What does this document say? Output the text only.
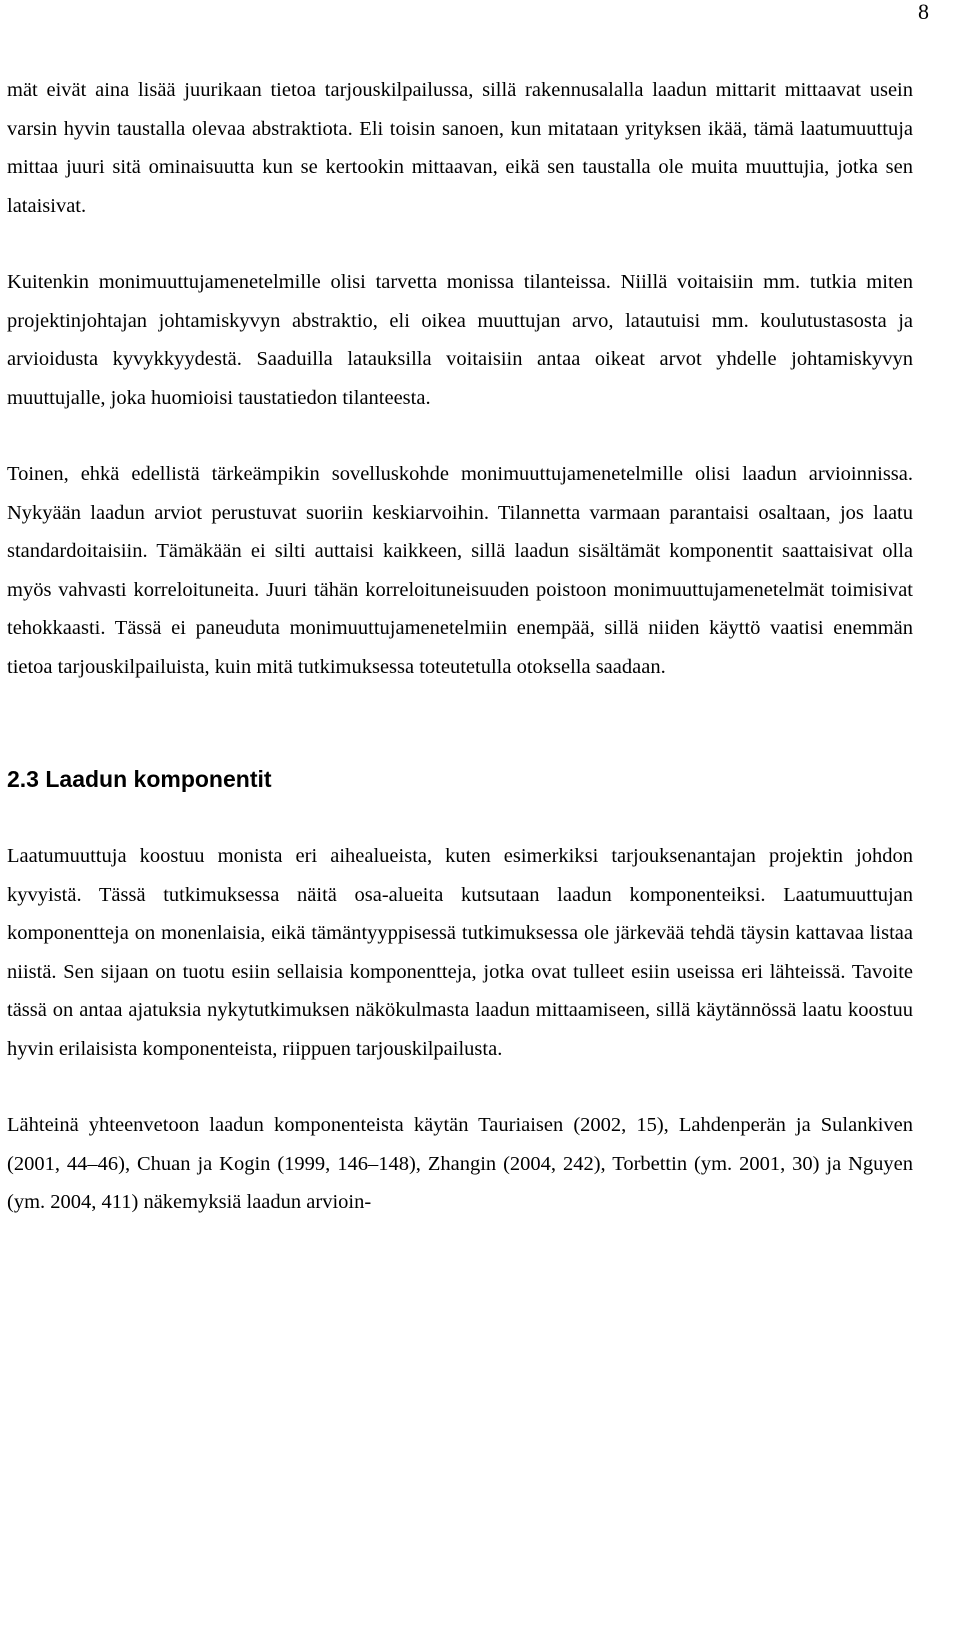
8

mät eivät aina lisää juurikaan tietoa tarjouskilpailussa, sillä rakennusalalla laadun mittarit mittaavat usein varsin hyvin taustalla olevaa abstraktiota. Eli toisin sanoen, kun mitataan yrityksen ikää, tämä laatumuuttuja mittaa juuri sitä ominaisuutta kun se kertookin mittaavan, eikä sen taustalla ole muita muuttujia, jotka sen lataisivat.

Kuitenkin monimuuttujamenetelmille olisi tarvetta monissa tilanteissa. Niillä voitaisiin mm. tutkia miten projektinjohtajan johtamiskyvyn abstraktio, eli oikea muuttujan arvo, latautuisi mm. koulutustasosta ja arvioidusta kyvykkyydestä. Saaduilla latauksilla voitaisiin antaa oikeat arvot yhdelle johtamiskyvyn muuttujalle, joka huomioisi taustatiedon tilanteesta.

Toinen, ehkä edellistä tärkeämpikin sovelluskohde monimuuttujamenetelmille olisi laadun arvioinnissa. Nykyään laadun arviot perustuvat suoriin keskiarvoihin. Tilannetta varmaan parantaisi osaltaan, jos laatu standardoitaisiin. Tämäkään ei silti auttaisi kaikkeen, sillä laadun sisältämät komponentit saattaisivat olla myös vahvasti korreloituneita. Juuri tähän korreloituneisuuden poistoon monimuuttujamenetelmät toimisivat tehokkaasti. Tässä ei paneuduta monimuuttujamenetelmiin enempää, sillä niiden käyttö vaatisi enemmän tietoa tarjouskilpailuista, kuin mitä tutkimuksessa toteutetulla otoksella saadaan.

2.3 Laadun komponentit

Laatumuuttuja koostuu monista eri aihealueista, kuten esimerkiksi tarjouksenantajan projektin johdon kyvyistä. Tässä tutkimuksessa näitä osa-alueita kutsutaan laadun komponenteiksi. Laatumuuttujan komponentteja on monenlaisia, eikä tämäntyyppisessä tutkimuksessa ole järkevää tehdä täysin kattavaa listaa niistä. Sen sijaan on tuotu esiin sellaisia komponentteja, jotka ovat tulleet esiin useissa eri lähteissä. Tavoite tässä on antaa ajatuksia nykytutkimuksen näkökulmasta laadun mittaamiseen, sillä käytännössä laatu koostuu hyvin erilaisista komponenteista, riippuen tarjouskilpailusta.

Lähteinä yhteenvetoon laadun komponenteista käytän Tauriaisen (2002, 15), Lahdenperän ja Sulankiven (2001, 44–46), Chuan ja Kogin (1999, 146–148), Zhangin (2004, 242), Torbettin (ym. 2001, 30) ja Nguyen (ym. 2004, 411) näkemyksiä laadun arvioin-
